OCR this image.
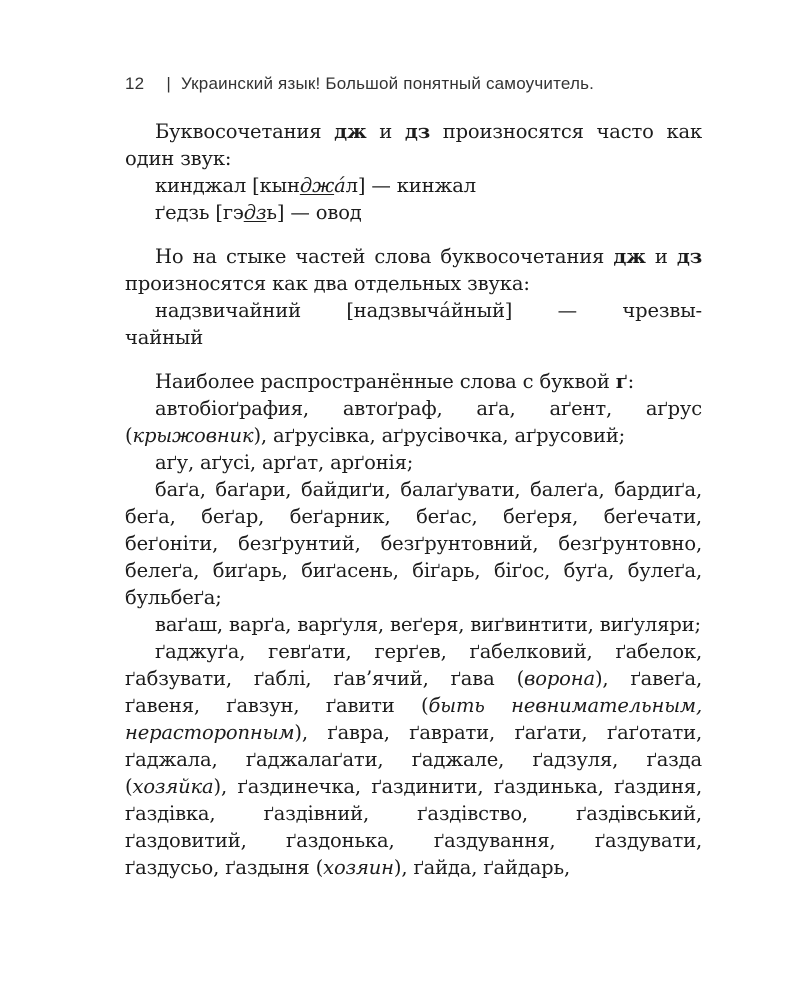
12 | Украинский язык! Большой понятный самоучитель.

Буквосочетания дж и дз произносятся часто как один звук:

кинджал [кынджáл] — кинжал

ґедзь [гэдзь] — овод

Но на стыке частей слова буквосочетания дж и дз произносятся как два отдельных звука:

надзвичайний [надзвычáйный] — чрезвы-

чайный

Наиболее распространённые слова с буквой ґ:

автобіоґрафия, автоґраф, аґа, аґент, аґрус (крыжовник), аґрусівка, аґрусівочка, аґрусовий;

аґу, аґусі, арґат, арґонія;

баґа, баґари, байдиґи, балаґувати, балеґа, бардиґа, беґа, беґар, беґарник, беґас, беґеря, беґечати, беґоніти, безґрунтий, безґрунтовний, безґрунтовно, белеґа, биґарь, биґасень, біґарь, біґос, буґа, булеґа, бульбеґа;

ваґаш, варґа, варґуля, веґеря, виґвинтити, виґуляри;

ґаджуґа, гевґати, герґев, ґабелковий, ґабелок, ґабзувати, ґаблі, ґав’ячий, ґава (ворона), ґавеґа, ґавеня, ґавзун, ґавити (быть невнимательным, нерасторопным), ґавра, ґаврати, ґаґати, ґаґотати, ґаджала, ґаджалаґати, ґаджале, ґадзуля, ґазда (хозяйка), ґаздинечка, ґаздинити, ґаздинька, ґаздиня, ґаздівка, ґаздівний, ґаздівство, ґаздівський, ґаздовитий, ґаздонька, ґаздування, ґаздувати, ґаздусьо, ґаздыня (хозяин), ґайда, ґайдарь,
